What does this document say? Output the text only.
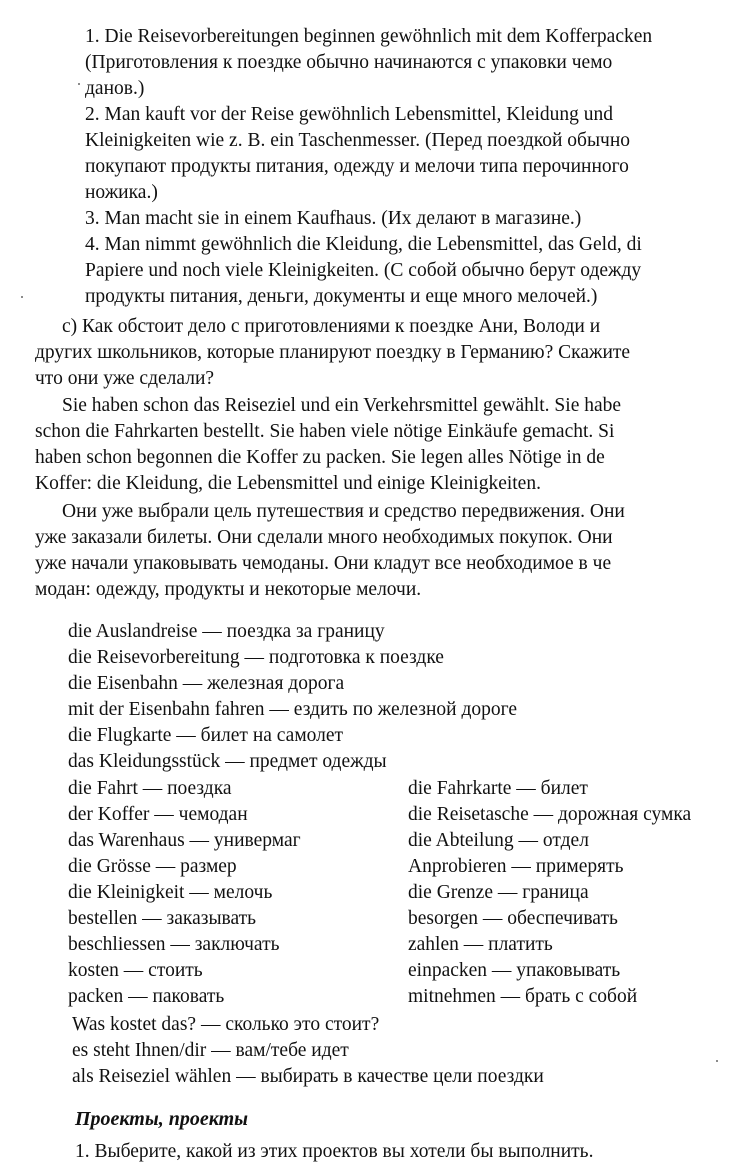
1. Die Reisevorbereitungen beginnen gewöhnlich mit dem Kofferpacken
(Приготовления к поездке обычно начинаются с упаковки чемо
данов.)
2. Man kauft vor der Reise gewöhnlich Lebensmittel, Kleidung und
Kleinigkeiten wie z. B. ein Taschenmesser. (Перед поездкой обычно
покупают продукты питания, одежду и мелочи типа перочинного
ножика.)
3. Man macht sie in einem Kaufhaus. (Их делают в магазине.)
4. Man nimmt gewöhnlich die Kleidung, die Lebensmittel, das Geld, di
Papiere und noch viele Kleinigkeiten. (С собой обычно берут одежду
продукты питания, деньги, документы и еще много мелочей.)
c) Как обстоит дело с приготовлениями к поездке Ани, Володи и
других школьников, которые планируют поездку в Германию? Скажите
что они уже сделали?
Sie haben schon das Reiseziel und ein Verkehrsmittel gewählt. Sie habe
schon die Fahrkarten bestellt. Sie haben viele nötige Einkäufe gemacht. Si
haben schon begonnen die Koffer zu packen. Sie legen alles Nötige in de
Koffer: die Kleidung, die Lebensmittel und einige Kleinigkeiten.
Они уже выбрали цель путешествия и средство передвижения. Они
уже заказали билеты. Они сделали много необходимых покупок. Они
уже начали упаковывать чемоданы. Они кладут все необходимое в че
модан: одежду, продукты и некоторые мелочи.
die Auslandreise — поездка за границу
die Reisevorbereitung — подготовка к поездке
die Eisenbahn — железная дорога
mit der Eisenbahn fahren — ездить по железной дороге
die Flugkarte — билет на самолет
das Kleidungsstück — предмет одежды
die Fahrt — поездка
der Koffer — чемодан
das Warenhaus — универмаг
die Grösse — размер
die Kleinigkeit — мелочь
bestellen — заказывать
beschliessen — заключать
kosten — стоить
packen — паковать
die Fahrkarte — билет
die Reisetasche — дорожная сумка
die Abteilung — отдел
Anprobieren — примерять
die Grenze — граница
besorgen — обеспечивать
zahlen — платить
einpacken — упаковывать
mitnehmen — брать с собой
Was kostet das? — сколько это стоит?
es steht Ihnen/dir — вам/тебе идет
als Reiseziel wählen — выбирать в качестве цели поездки
Проекты, проекты
1. Выберите, какой из этих проектов вы хотели бы выполнить.
